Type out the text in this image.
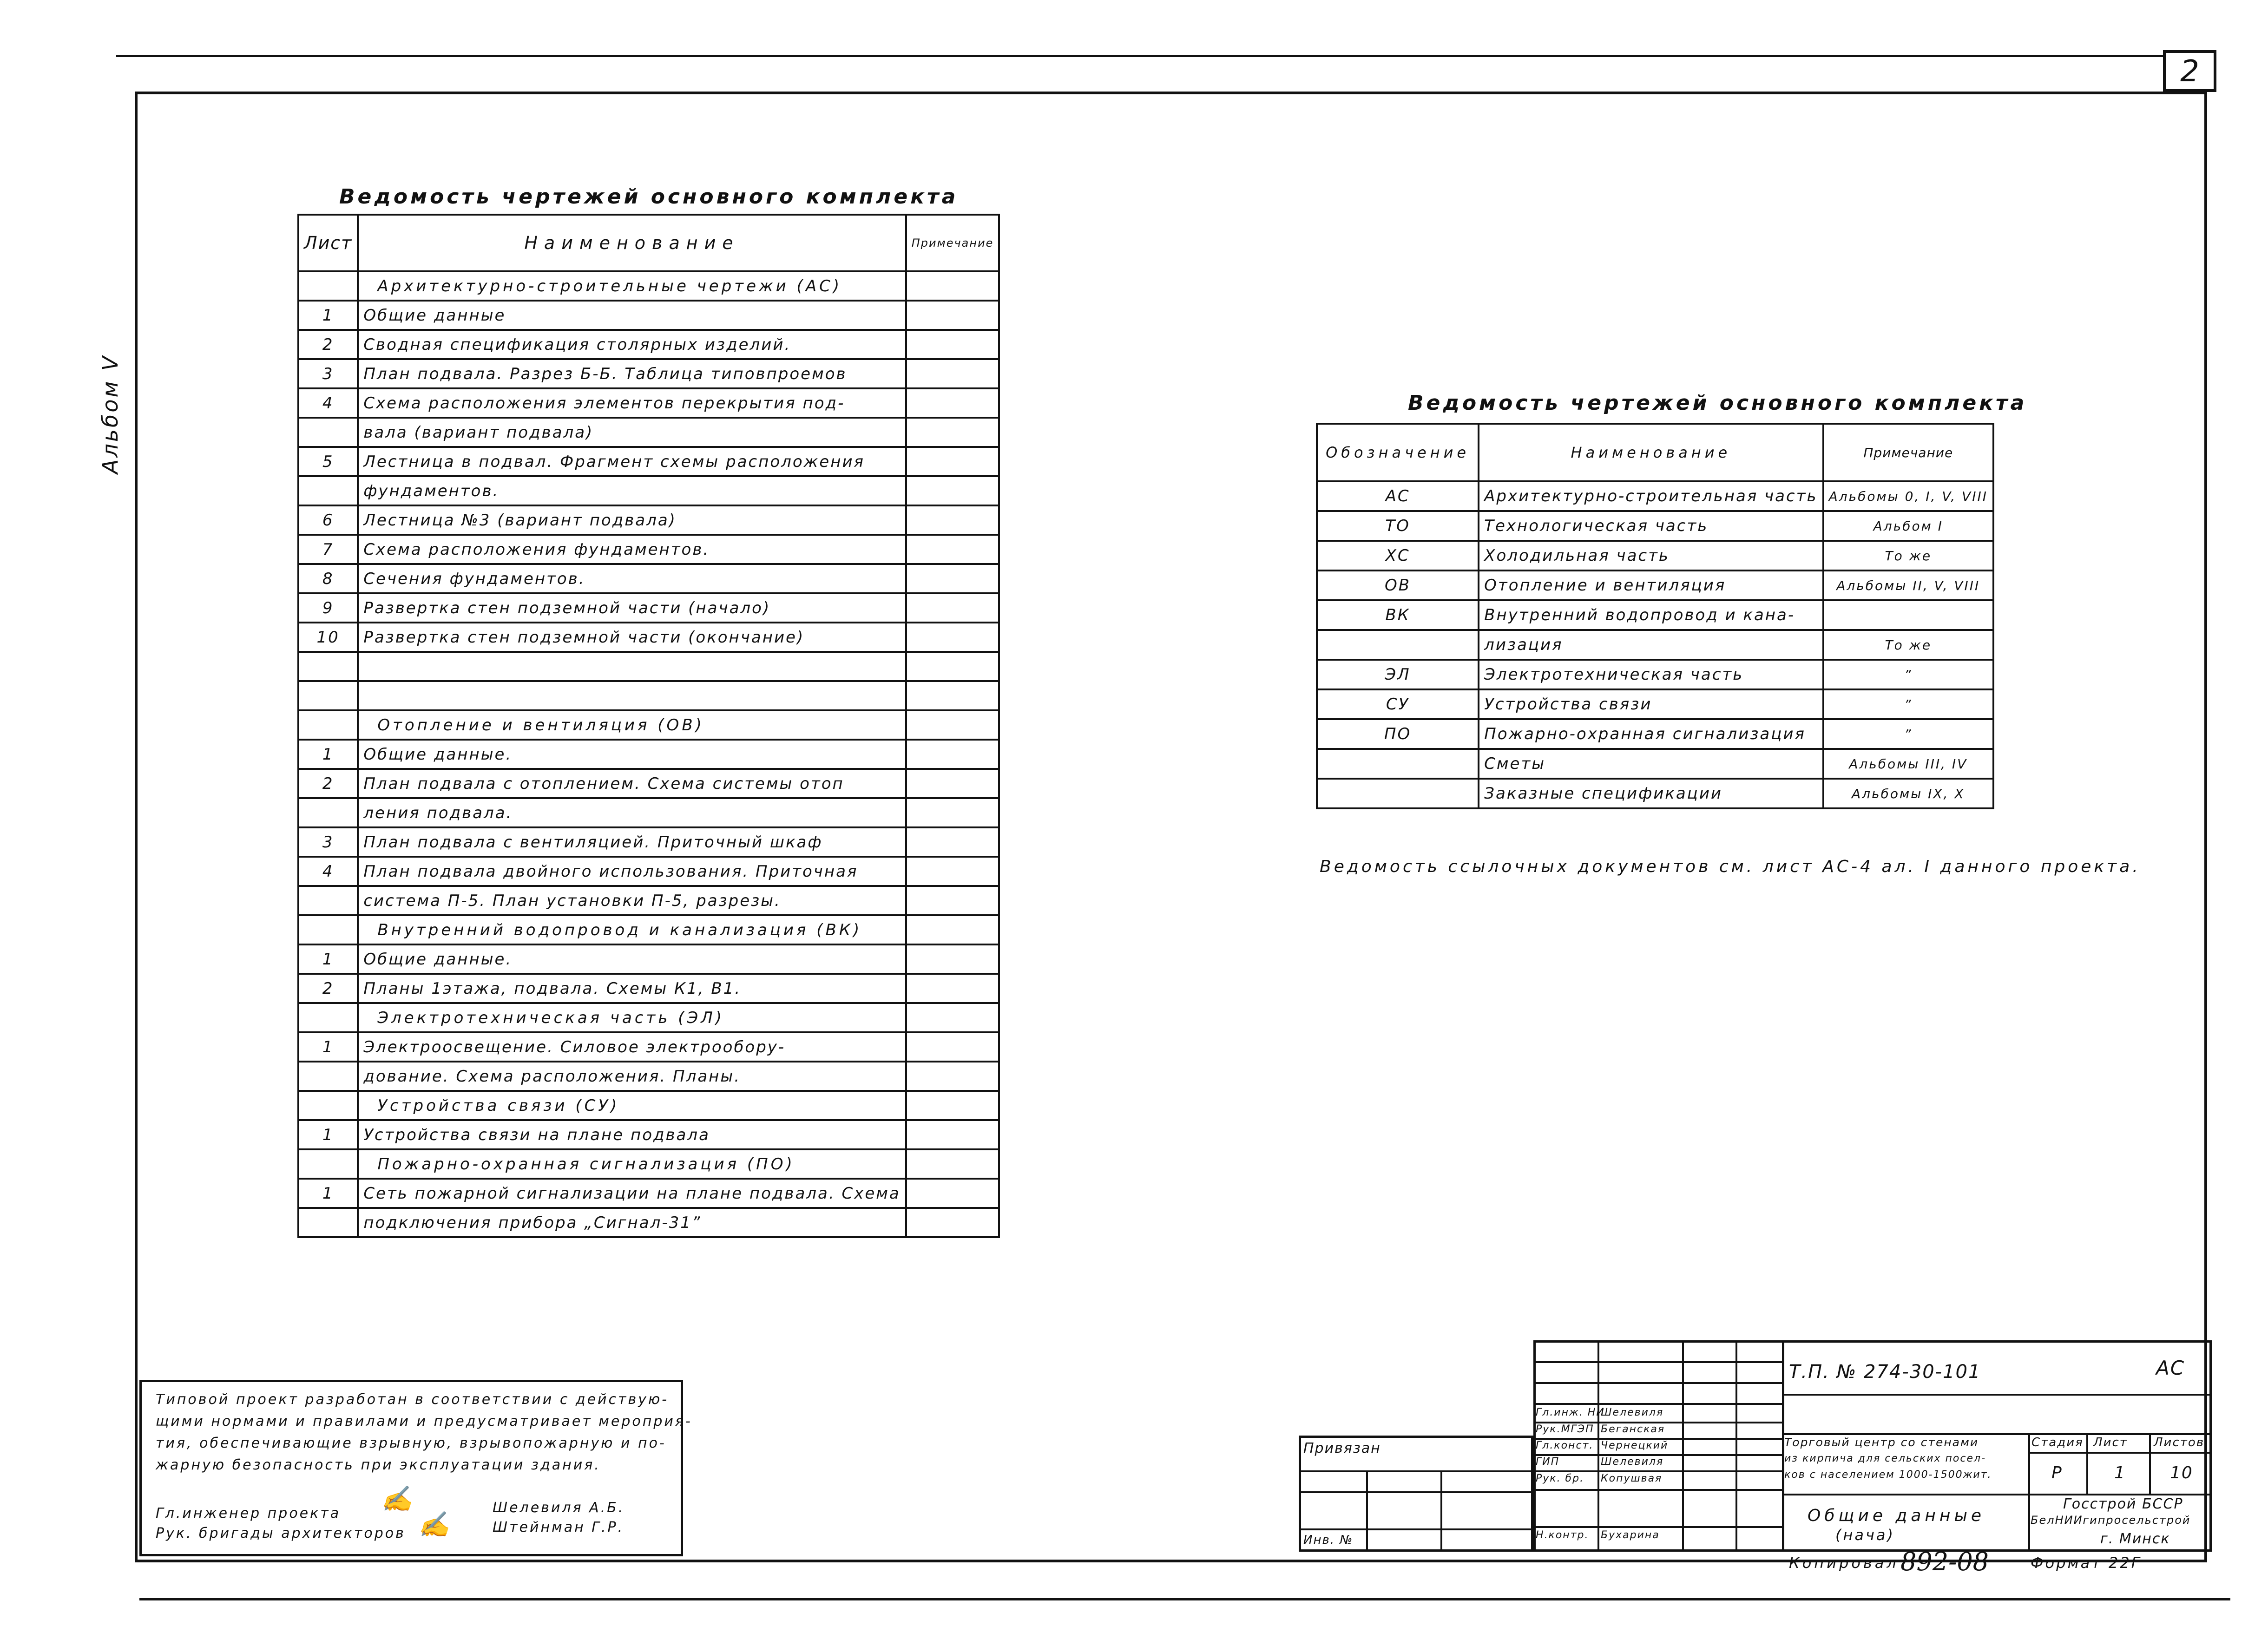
2
Альбом V
Ведомость чертежей основного комплекта
Лист	Наименование	Примечание
	Архитектурно-строительные чертежи (АС)	
1	Общие данные	
2	Сводная спецификация столярных изделий.	
3	План подвала. Разрез Б-Б. Таблица типовпроемов	
4	Схема расположения элементов перекрытия под-	
	вала (вариант подвала)	
5	Лестница в подвал. Фрагмент схемы расположения	
	фундаментов.	
6	Лестница №3 (вариант подвала)	
7	Схема расположения фундаментов.	
8	Сечения фундаментов.	
9	Развертка стен подземной части (начало)	
10	Развертка стен подземной части (окончание)	

	Отопление и вентиляция (ОВ)	
1	Общие данные.	
2	План подвала с отоплением. Схема системы отоп	
	ления подвала.	
3	План подвала с вентиляцией. Приточный шкаф	
4	План подвала двойного использования. Приточная	
	система П-5. План установки П-5, разрезы.	
	Внутренний водопровод и канализация (ВК)	
1	Общие данные.	
2	Планы 1этажа, подвала. Схемы К1, В1.	
	Электротехническая часть (ЭЛ)	
1	Электроосвещение. Силовое электрообору-	
	дование. Схема расположения. Планы.	
	Устройства связи (СУ)	
1	Устройства связи на плане подвала	
	Пожарно-охранная сигнализация (ПО)	
1	Сеть пожарной сигнализации на плане подвала. Схема	
	подключения прибора „Сигнал-31”	
Ведомость чертежей основного комплекта
Обозначение	Наименование	Примечание
АС	Архитектурно-строительная часть	Альбомы 0, I, V, VIII
ТО	Технологическая часть	Альбом I
ХС	Холодильная часть	То же
ОВ	Отопление и вентиляция	Альбомы II, V, VIII
ВК	Внутренний водопровод и кана-	
	лизация	То же
ЭЛ	Электротехническая часть	”
СУ	Устройства связи	”
ПО	Пожарно-охранная сигнализация	”
	Сметы	Альбомы III, IV
	Заказные спецификации	Альбомы IX, X
Ведомость ссылочных документов см. лист АС-4 ал. I данного проекта.
Типовой проект разработан в соответствии с действую-
щими нормами и правилами и предусматривает мероприя-
тия, обеспечивающие взрывную, взрывопожарную и по-
жарную безопасность при эксплуатации здания.
Гл.инженер проекта ✍	Шелевиля А.Б.
Рук. бригады архитекторов ✍	Штейнман Г.Р.
Гл.инж. НИ
Шелевиля
Рук.МГЭП Беганская
Гл.конст. Чернецкий
ГИП	Шелевиля
Рук. бр. Копушвая
Н.контр. Бухарина
Привязан
Инв. №
Т.П. № 274-30-101	АС
Торговый центр со стенами
из кирпича для сельских посел-
ков с населением 1000-1500жит.
Общие данные
(нача)
Стадия Лист Листов
Р	1	10
Госстрой БССР
БелНИИгипросельстрой
г. Минск
Копировал 892-08	Формат 22Г
